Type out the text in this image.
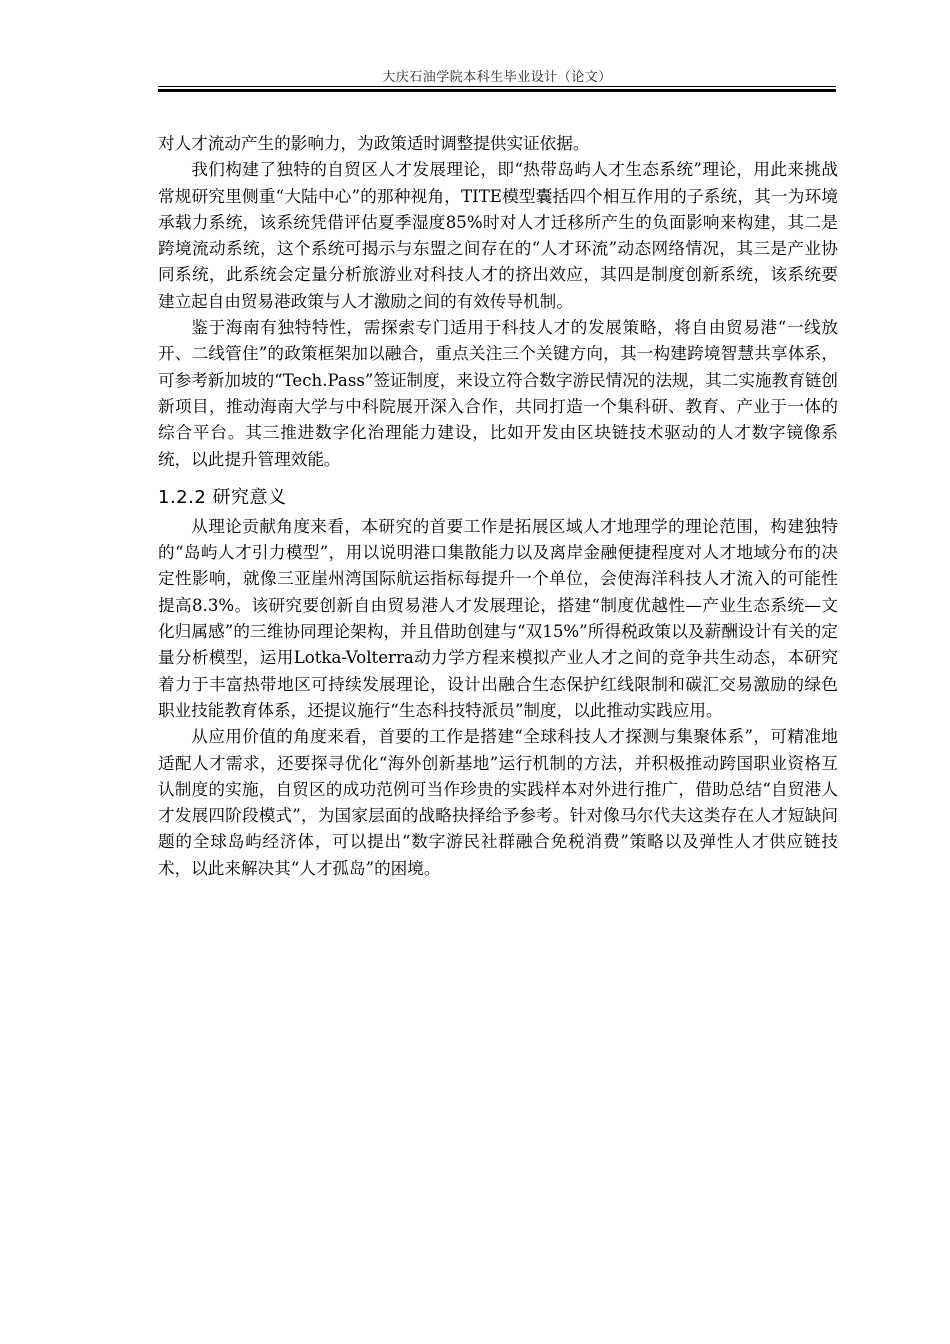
大庆石油学院本科生毕业设计（论文）

对人才流动产生的影响力，为政策适时调整提供实证依据。

我们构建了独特的自贸区人才发展理论，即“热带岛屿人才生态系统”理论，用此来挑战常规研究里侧重“大陆中心”的那种视角，TITE模型囊括四个相互作用的子系统，其一为环境承载力系统，该系统凭借评估夏季湿度85%时对人才迁移所产生的负面影响来构建，其二是跨境流动系统，这个系统可揭示与东盟之间存在的“人才环流”动态网络情况，其三是产业协同系统，此系统会定量分析旅游业对科技人才的挤出效应，其四是制度创新系统，该系统要建立起自由贸易港政策与人才激励之间的有效传导机制。

鉴于海南有独特特性，需探索专门适用于科技人才的发展策略，将自由贸易港“一线放开、二线管住”的政策框架加以融合，重点关注三个关键方向，其一构建跨境智慧共享体系，可参考新加坡的“Tech.Pass”签证制度，来设立符合数字游民情况的法规，其二实施教育链创新项目，推动海南大学与中科院展开深入合作，共同打造一个集科研、教育、产业于一体的综合平台。其三推进数字化治理能力建设，比如开发由区块链技术驱动的人才数字镜像系统，以此提升管理效能。

1.2.2 研究意义

从理论贡献角度来看，本研究的首要工作是拓展区域人才地理学的理论范围，构建独特的“岛屿人才引力模型”，用以说明港口集散能力以及离岸金融便捷程度对人才地域分布的决定性影响，就像三亚崖州湾国际航运指标每提升一个单位，会使海洋科技人才流入的可能性提高8.3%。该研究要创新自由贸易港人才发展理论，搭建“制度优越性—产业生态系统—文化归属感”的三维协同理论架构，并且借助创建与“双15%”所得税政策以及薪酬设计有关的定量分析模型，运用Lotka-Volterra动力学方程来模拟产业人才之间的竞争共生动态，本研究着力于丰富热带地区可持续发展理论，设计出融合生态保护红线限制和碳汇交易激励的绿色职业技能教育体系，还提议施行“生态科技特派员”制度，以此推动实践应用。

从应用价值的角度来看，首要的工作是搭建“全球科技人才探测与集聚体系”，可精准地适配人才需求，还要探寻优化“海外创新基地”运行机制的方法，并积极推动跨国职业资格互认制度的实施，自贸区的成功范例可当作珍贵的实践样本对外进行推广，借助总结“自贸港人才发展四阶段模式”，为国家层面的战略抉择给予参考。针对像马尔代夫这类存在人才短缺问题的全球岛屿经济体，可以提出“数字游民社群融合免税消费”策略以及弹性人才供应链技术，以此来解决其“人才孤岛”的困境。
